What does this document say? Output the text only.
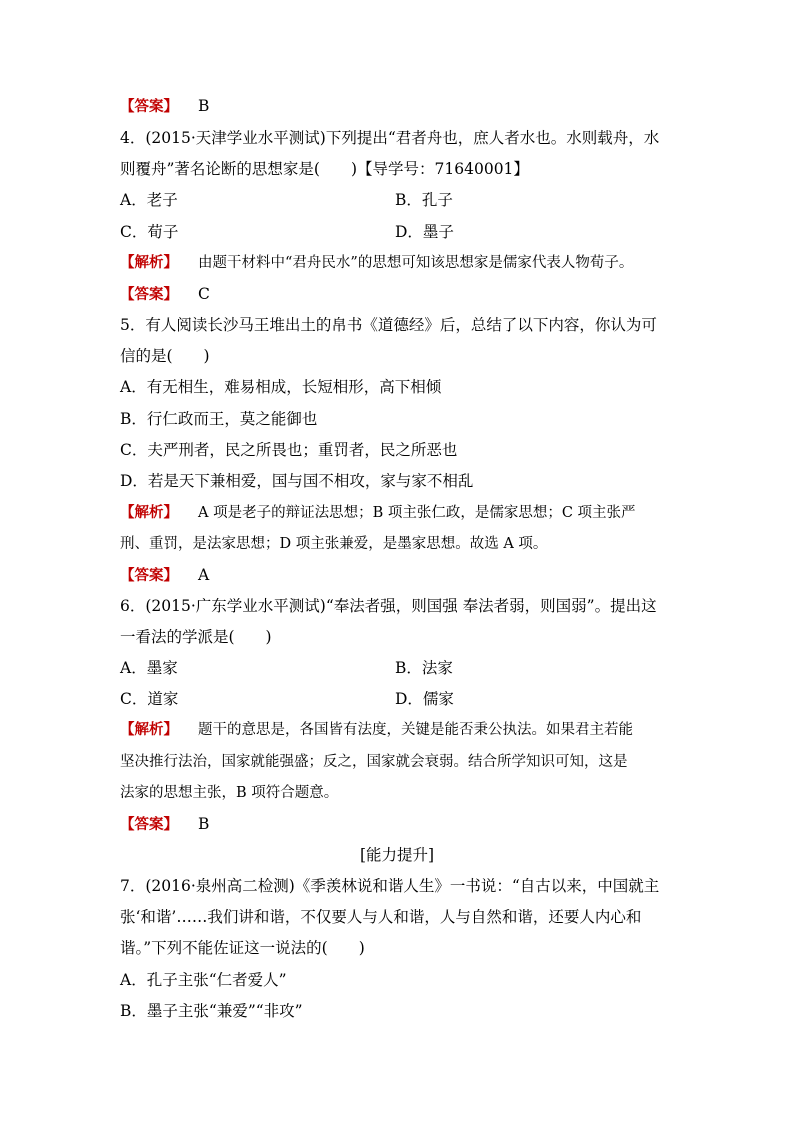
【答案】 B
4．(2015·天津学业水平测试)下列提出“君者舟也，庶人者水也。水则载舟，水
则覆舟”著名论断的思想家是(　　)【导学号：71640001】
A．老子	B．孔子
C．荀子	D．墨子
【解析】 由题干材料中“君舟民水”的思想可知该思想家是儒家代表人物荀子。
【答案】 C
5．有人阅读长沙马王堆出土的帛书《道德经》后，总结了以下内容，你认为可
信的是(　　)
A．有无相生，难易相成，长短相形，高下相倾
B．行仁政而王，莫之能御也
C．夫严刑者，民之所畏也；重罚者，民之所恶也
D．若是天下兼相爱，国与国不相攻，家与家不相乱
【解析】 A 项是老子的辩证法思想；B 项主张仁政，是儒家思想；C 项主张严
刑、重罚，是法家思想；D 项主张兼爱，是墨家思想。故选 A 项。
【答案】 A
6．(2015·广东学业水平测试)“奉法者强，则国强 奉法者弱，则国弱”。提出这
一看法的学派是(　　)
A．墨家	B．法家
C．道家	D．儒家
【解析】 题干的意思是，各国皆有法度，关键是能否秉公执法。如果君主若能
坚决推行法治，国家就能强盛；反之，国家就会衰弱。结合所学知识可知，这是
法家的思想主张，B 项符合题意。
【答案】 B
[能力提升]
7．(2016·泉州高二检测)《季羡林说和谐人生》一书说：“自古以来，中国就主
张‘和谐’……我们讲和谐，不仅要人与人和谐，人与自然和谐，还要人内心和
谐。”下列不能佐证这一说法的(　　)
A．孔子主张“仁者爱人”
B．墨子主张“兼爱”“非攻”
